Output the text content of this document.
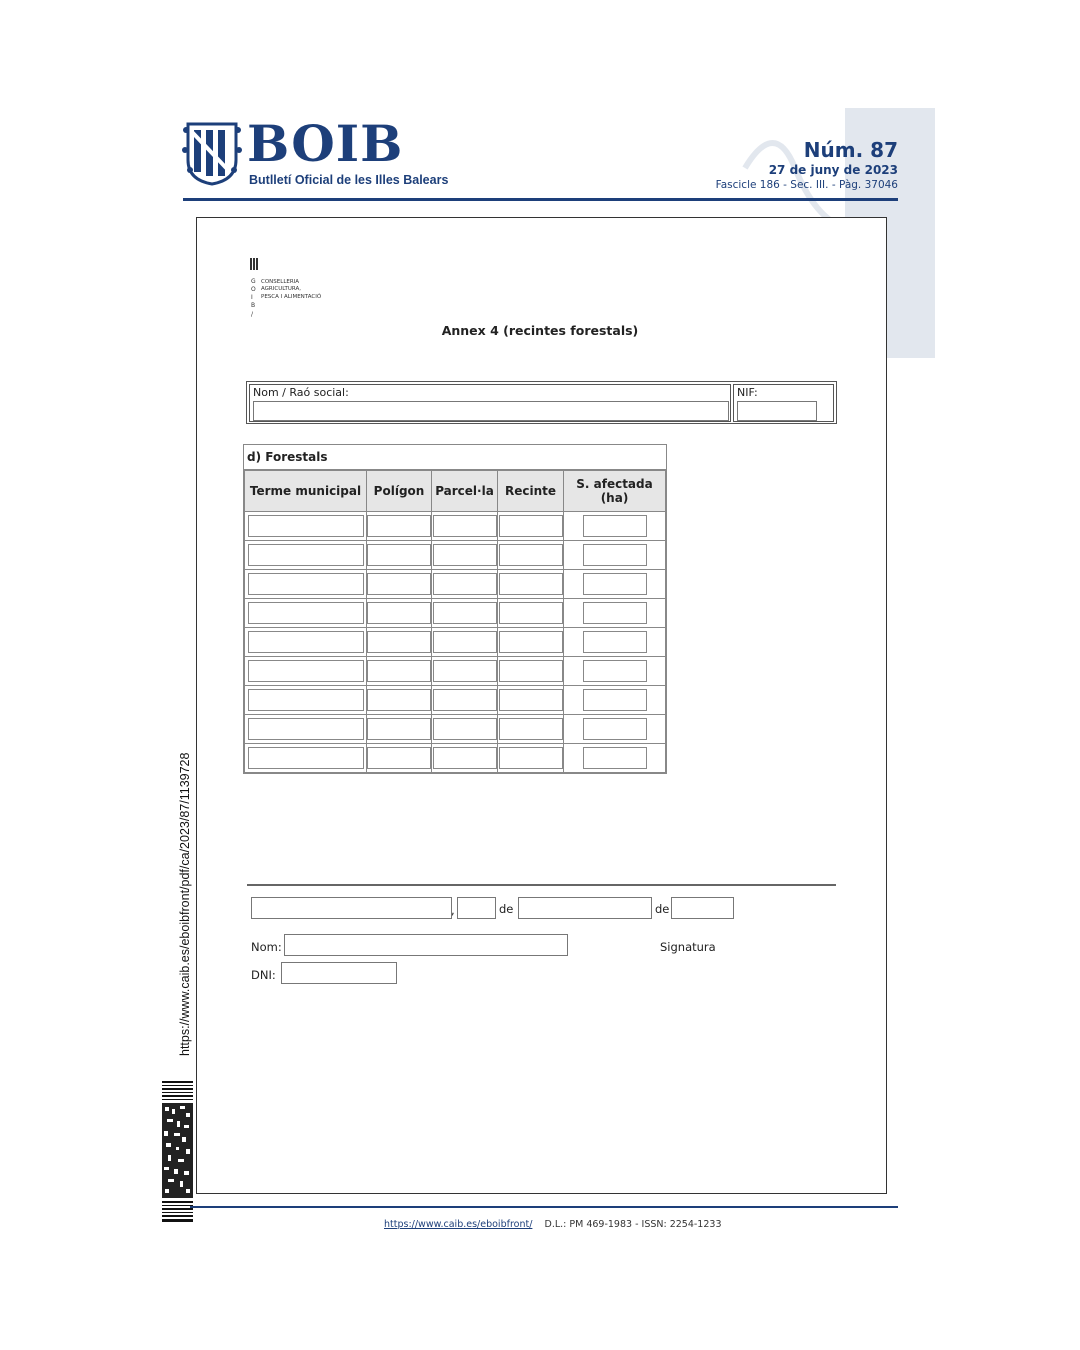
BOIB
Butlletí Oficial de les Illes Balears
Núm. 87
27 de juny de 2023
Fascicle 186 - Sec. III. - Pàg. 37046
G
O
I
B
/
CONSELLERIA
AGRICULTURA,
PESCA I ALIMENTACIÓ
Annex 4 (recintes forestals)
Nom / Raó social:	NIF:
d) Forestals
Terme municipal	Polígon	Parcel·la	Recinte	S. afectada (ha)

,	de	de
Nom:	Signatura
DNI:
https://www.caib.es/eboibfront/pdf/ca/2023/87/1139728
https://www.caib.es/eboibfront/ D.L.: PM 469-1983 - ISSN: 2254-1233
